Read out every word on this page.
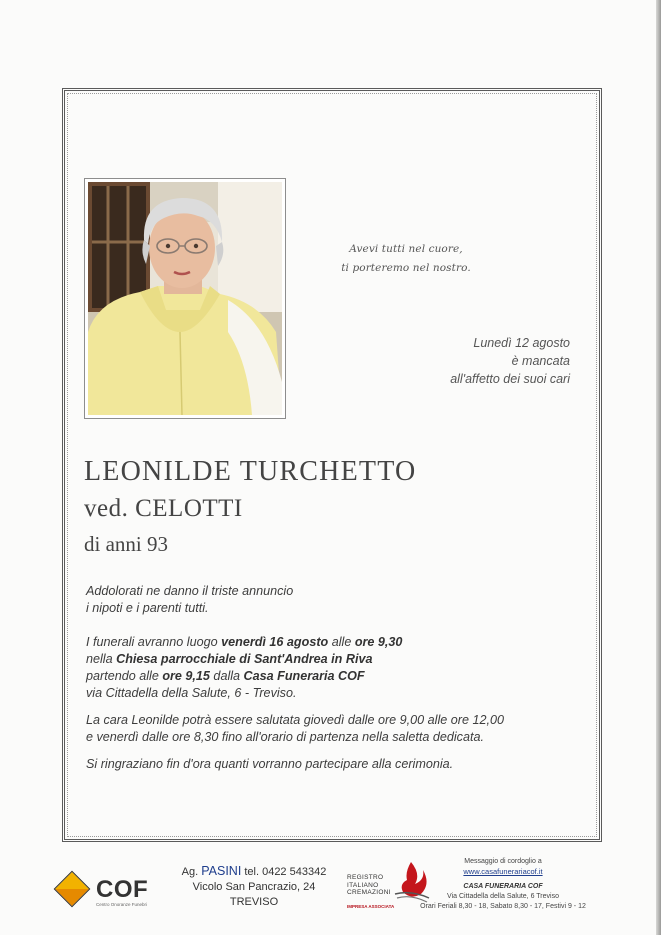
Avevi tutti nel cuore,
ti porteremo nel nostro.
Lunedì 12 agosto
è mancata
all'affetto dei suoi cari
LEONILDE TURCHETTO
ved. CELOTTI
di anni 93
Addolorati ne danno il triste annuncio
i nipoti e i parenti tutti.
I funerali avranno luogo venerdì 16 agosto alle ore 9,30
nella Chiesa parrocchiale di Sant'Andrea in Riva
partendo alle ore 9,15 dalla Casa Funeraria COF
via Cittadella della Salute, 6 - Treviso.
La cara Leonilde potrà essere salutata giovedì dalle ore 9,00 alle ore 12,00
e venerdì dalle ore 8,30 fino all'orario di partenza nella saletta dedicata.
Si ringraziano fin d'ora quanti vorranno partecipare alla cerimonia.
COF
Centro Onoranze Funebri
Ag. PASINI tel. 0422 543342
Vicolo San Pancrazio, 24
TREVISO
REGISTRO
ITALIANO
CREMAZIONI
IMPRESA ASSOCIATA
Messaggio di cordoglio a
www.casafunerariacof.it
CASA FUNERARIA COF
Via Cittadella della Salute, 6 Treviso
Orari Feriali 8,30 - 18, Sabato 8,30 - 17, Festivi 9 - 12
